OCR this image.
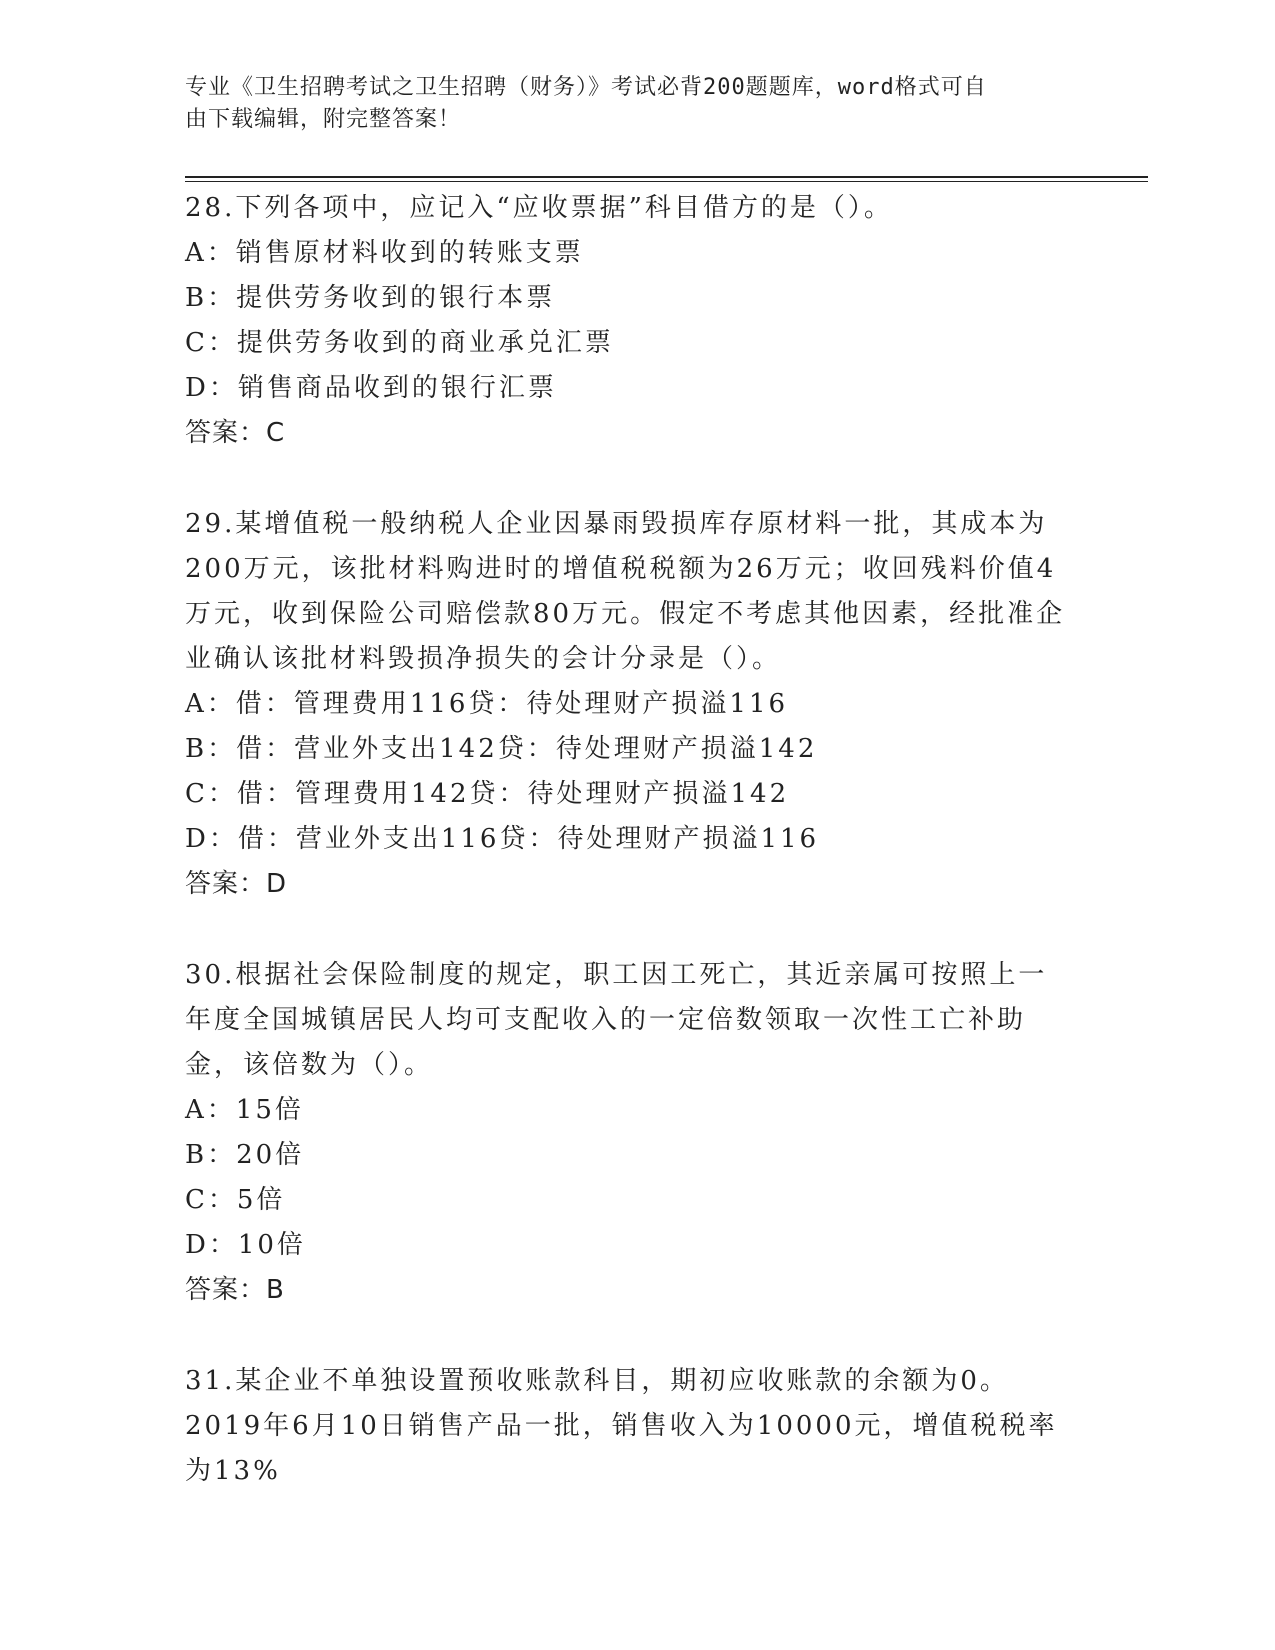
专业《卫生招聘考试之卫生招聘（财务）》考试必背200题题库，word格式可自
由下载编辑，附完整答案！
28.下列各项中，应记入“应收票据”科目借方的是（）。
A：销售原材料收到的转账支票
B：提供劳务收到的银行本票
C：提供劳务收到的商业承兑汇票
D：销售商品收到的银行汇票
答案：C
29.某增值税一般纳税人企业因暴雨毁损库存原材料一批，其成本为200万元，该批材料购进时的增值税税额为26万元；收回残料价值4万元，收到保险公司赔偿款80万元。假定不考虑其他因素，经批准企业确认该批材料毁损净损失的会计分录是（）。
A：借：管理费用116贷：待处理财产损溢116
B：借：营业外支出142贷：待处理财产损溢142
C：借：管理费用142贷：待处理财产损溢142
D：借：营业外支出116贷：待处理财产损溢116
答案：D
30.根据社会保险制度的规定，职工因工死亡，其近亲属可按照上一年度全国城镇居民人均可支配收入的一定倍数领取一次性工亡补助金，该倍数为（）。
A：15倍
B：20倍
C：5倍
D：10倍
答案：B
31.某企业不单独设置预收账款科目，期初应收账款的余额为0。2019年6月10日销售产品一批，销售收入为10000元，增值税税率为13%
